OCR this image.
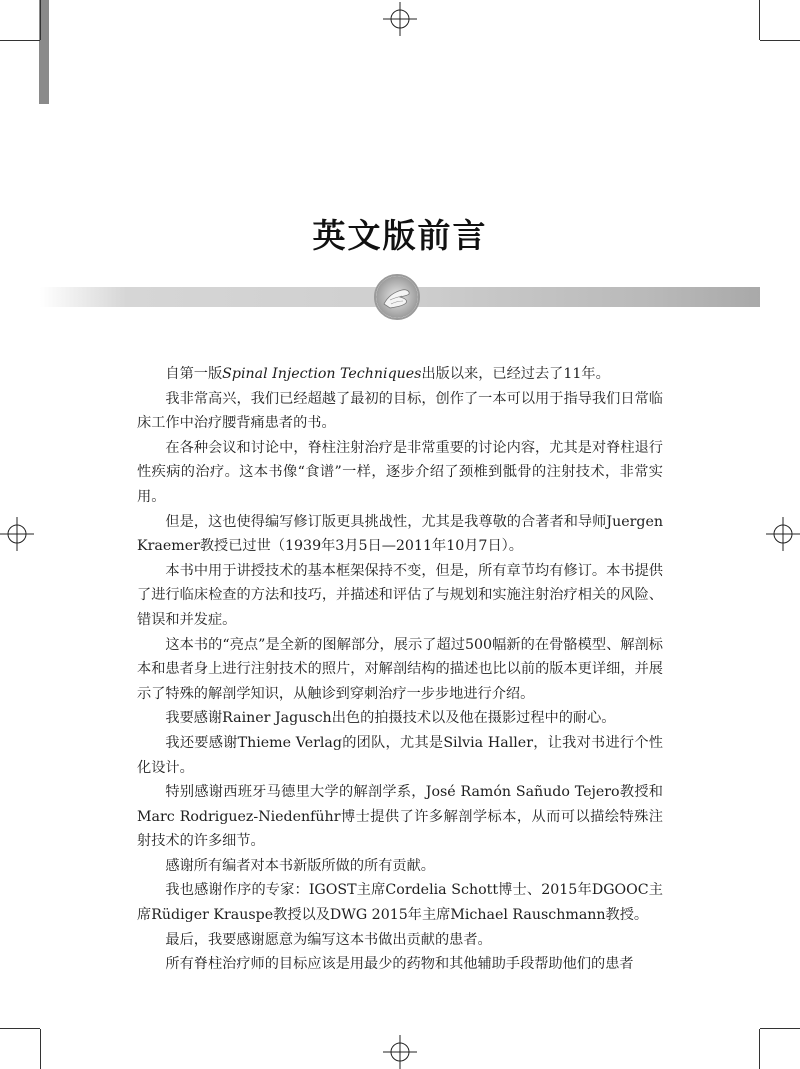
英文版前言

自第一版Spinal Injection Techniques出版以来，已经过去了11年。

我非常高兴，我们已经超越了最初的目标，创作了一本可以用于指导我们日常临床工作中治疗腰背痛患者的书。

在各种会议和讨论中，脊柱注射治疗是非常重要的讨论内容，尤其是对脊柱退行性疾病的治疗。这本书像“食谱”一样，逐步介绍了颈椎到骶骨的注射技术，非常实用。

但是，这也使得编写修订版更具挑战性，尤其是我尊敬的合著者和导师Juergen Kraemer教授已过世（1939年3月5日—2011年10月7日）。

本书中用于讲授技术的基本框架保持不变，但是，所有章节均有修订。本书提供了进行临床检查的方法和技巧，并描述和评估了与规划和实施注射治疗相关的风险、错误和并发症。

这本书的“亮点”是全新的图解部分，展示了超过500幅新的在骨骼模型、解剖标本和患者身上进行注射技术的照片，对解剖结构的描述也比以前的版本更详细，并展示了特殊的解剖学知识，从触诊到穿刺治疗一步步地进行介绍。

我要感谢Rainer Jagusch出色的拍摄技术以及他在摄影过程中的耐心。

我还要感谢Thieme Verlag的团队，尤其是Silvia Haller，让我对书进行个性化设计。

特别感谢西班牙马德里大学的解剖学系，José Ramón Sañudo Tejero教授和Marc Rodriguez-Niedenführ博士提供了许多解剖学标本，从而可以描绘特殊注射技术的许多细节。

感谢所有编者对本书新版所做的所有贡献。

我也感谢作序的专家：IGOST主席Cordelia Schott博士、2015年DGOOC主席Rüdiger Krauspe教授以及DWG 2015年主席Michael Rauschmann教授。

最后，我要感谢愿意为编写这本书做出贡献的患者。

所有脊柱治疗师的目标应该是用最少的药物和其他辅助手段帮助他们的患者
